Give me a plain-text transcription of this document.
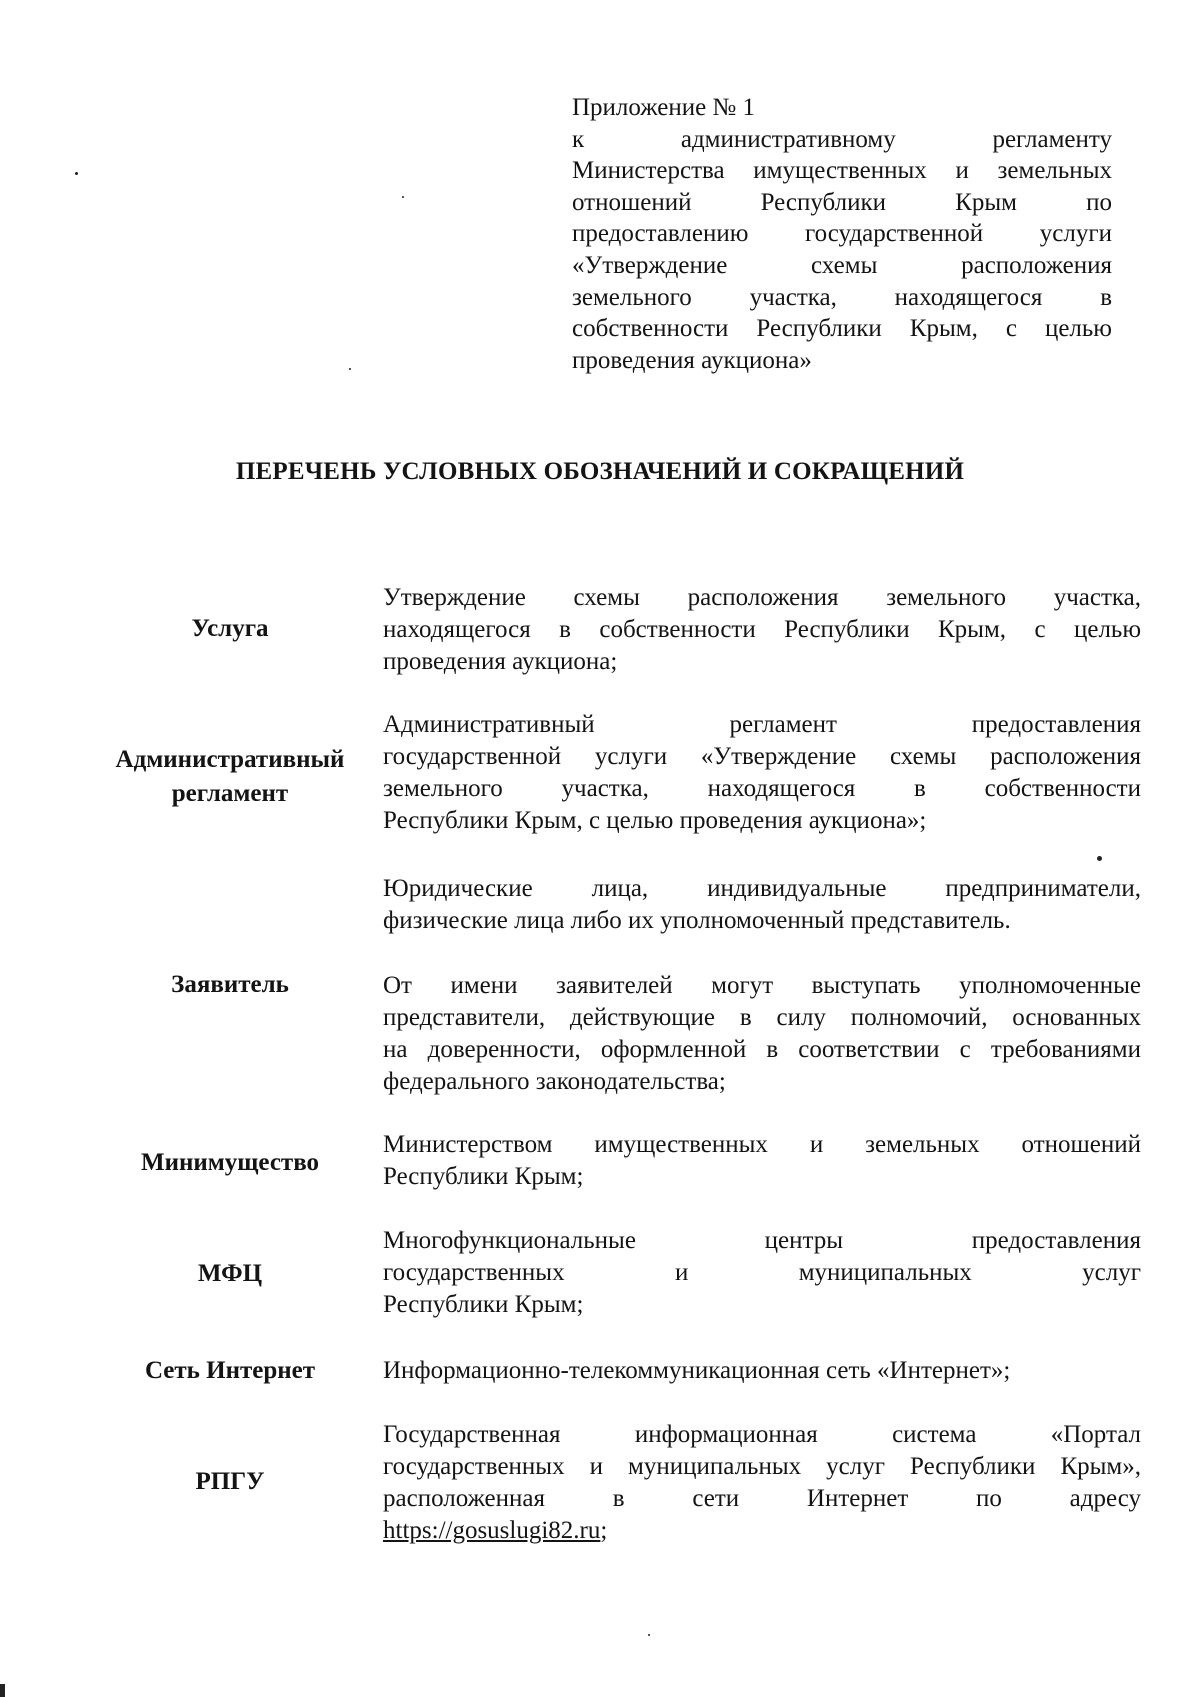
Приложение № 1
к административному регламенту
Министерства имущественных и земельных
отношений Республики Крым по
предоставлению государственной услуги
«Утверждение схемы расположения
земельного участка, находящегося в
собственности Республики Крым, с целью
проведения аукциона»
ПЕРЕЧЕНЬ УСЛОВНЫХ ОБОЗНАЧЕНИЙ И СОКРАЩЕНИЙ
Услуга
Утверждение схемы расположения земельного участка,
находящегося в собственности Республики Крым, с целью
проведения аукциона;
Административный
регламент
Административный регламент предоставления
государственной услуги «Утверждение схемы расположения
земельного участка, находящегося в собственности
Республики Крым, с целью проведения аукциона»;
Заявитель
Юридические лица, индивидуальные предприниматели,
физические лица либо их уполномоченный представитель.
От имени заявителей могут выступать уполномоченные
представители, действующие в силу полномочий, основанных
на доверенности, оформленной в соответствии с требованиями
федерального законодательства;
Минимущество
Министерством имущественных и земельных отношений
Республики Крым;
МФЦ
Многофункциональные центры предоставления
государственных и муниципальных услуг
Республики Крым;
Сеть Интернет	Информационно-телекоммуникационная сеть «Интернет»;
РПГУ
Государственная информационная система «Портал
государственных и муниципальных услуг Республики Крым»,
расположенная в сети Интернет по адресу
https://gosuslugi82.ru;
